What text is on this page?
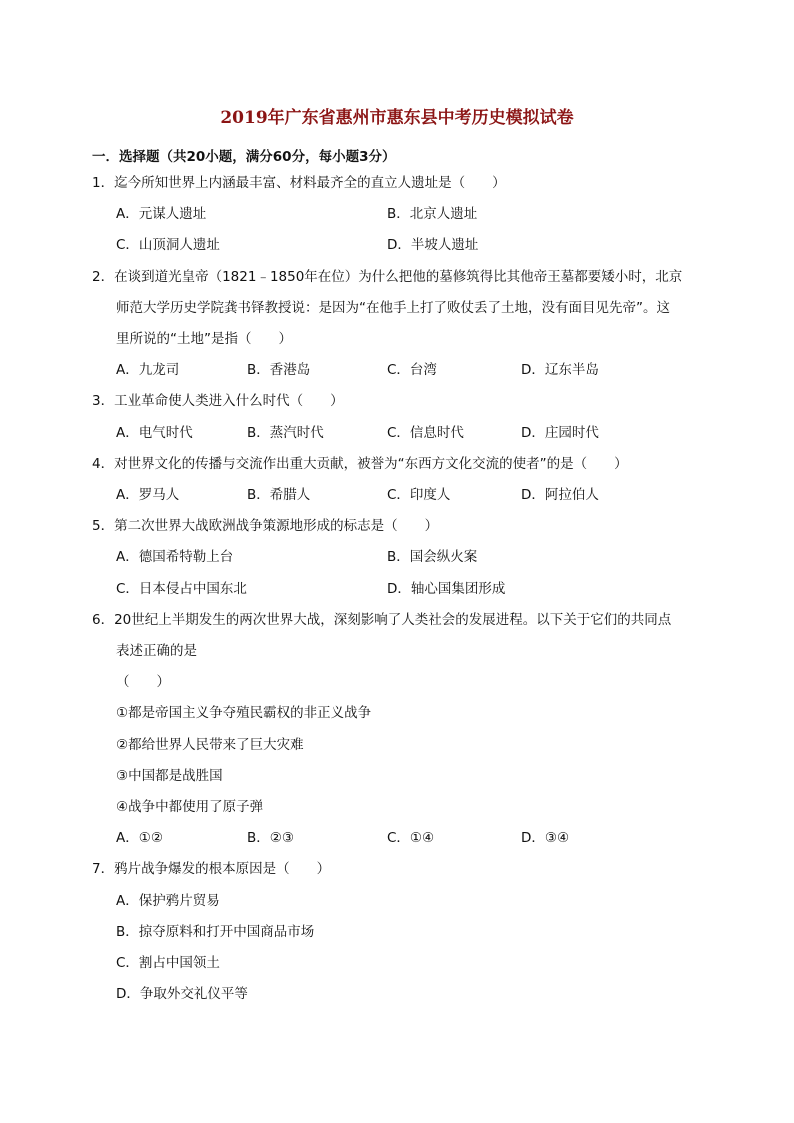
2019年广东省惠州市惠东县中考历史模拟试卷
一．选择题（共20小题，满分60分，每小题3分）
1．迄今所知世界上内涵最丰富、材料最齐全的直立人遗址是（　　）
A．元谋人遗址	B．北京人遗址
C．山顶洞人遗址	D．半坡人遗址
2．在谈到道光皇帝（1821﹣1850年在位）为什么把他的墓修筑得比其他帝王墓都要矮小时，北京
师范大学历史学院龚书铎教授说：是因为“在他手上打了败仗丢了土地，没有面目见先帝”。这
里所说的“土地”是指（　　）
A．九龙司	B．香港岛	C．台湾	D．辽东半岛
3．工业革命使人类进入什么时代（　　）
A．电气时代	B．蒸汽时代	C．信息时代	D．庄园时代
4．对世界文化的传播与交流作出重大贡献，被誉为“东西方文化交流的使者”的是（　　）
A．罗马人	B．希腊人	C．印度人	D．阿拉伯人
5．第二次世界大战欧洲战争策源地形成的标志是（　　）
A．德国希特勒上台	B．国会纵火案
C．日本侵占中国东北	D．轴心国集团形成
6．20世纪上半期发生的两次世界大战，深刻影响了人类社会的发展进程。以下关于它们的共同点
表述正确的是
（　　）
①都是帝国主义争夺殖民霸权的非正义战争
②都给世界人民带来了巨大灾难
③中国都是战胜国
④战争中都使用了原子弹
A．①②	B．②③	C．①④	D．③④
7．鸦片战争爆发的根本原因是（　　）
A．保护鸦片贸易
B．掠夺原料和打开中国商品市场
C．割占中国领土
D．争取外交礼仪平等
